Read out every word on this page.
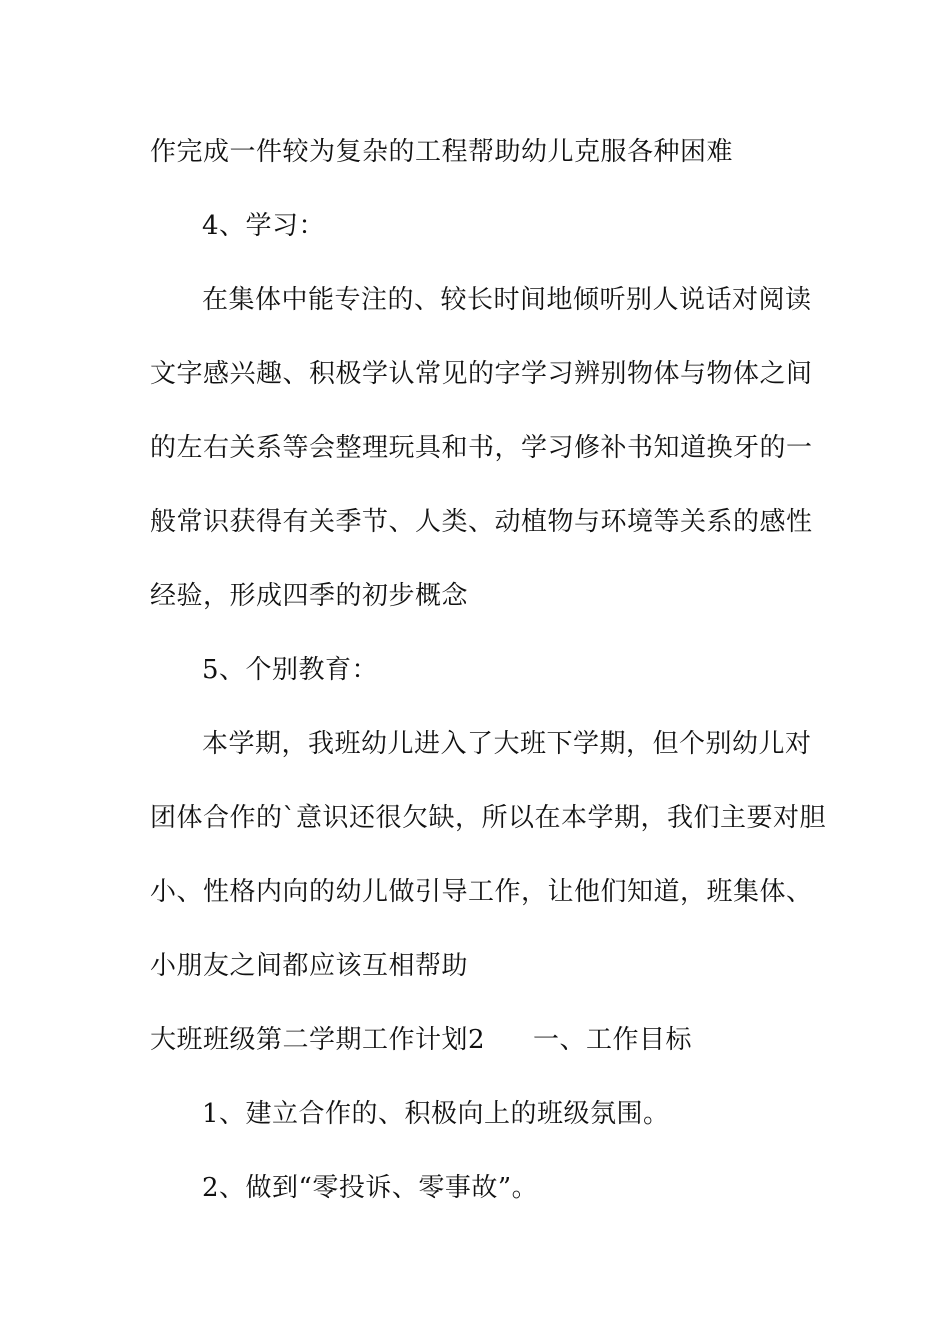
作完成一件较为复杂的工程帮助幼儿克服各种困难
4、学习：
在集体中能专注的、较长时间地倾听别人说话对阅读
文字感兴趣、积极学认常见的字学习辨别物体与物体之间
的左右关系等会整理玩具和书，学习修补书知道换牙的一
般常识获得有关季节、人类、动植物与环境等关系的感性
经验，形成四季的初步概念
5、个别教育：
本学期，我班幼儿进入了大班下学期，但个别幼儿对
团体合作的`意识还很欠缺，所以在本学期，我们主要对胆
小、性格内向的幼儿做引导工作，让他们知道，班集体、
小朋友之间都应该互相帮助
大班班级第二学期工作计划2 一、工作目标
1、建立合作的、积极向上的班级氛围。
2、做到“零投诉、零事故”。
